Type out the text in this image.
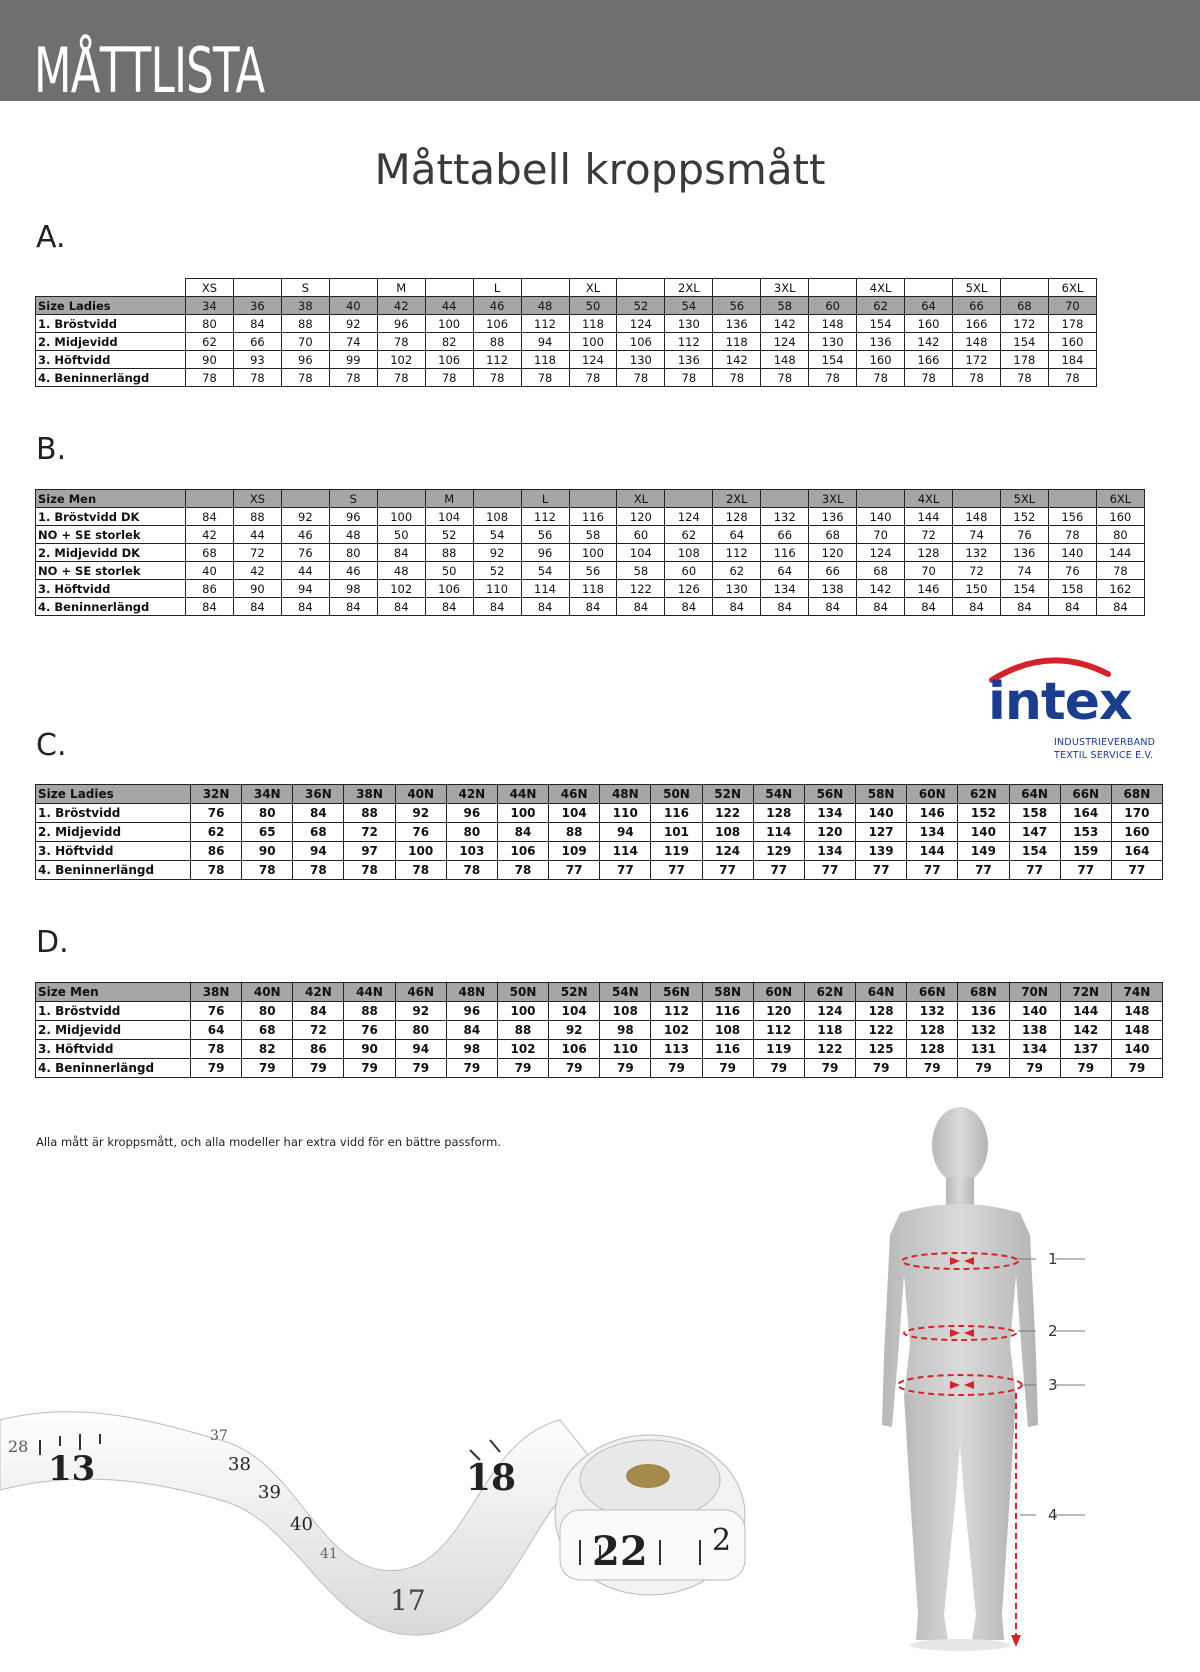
MÅTTLISTA
Måttabell kroppsmått
A.
	XS		S		M		L		XL		2XL		3XL		4XL		5XL		6XL
Size Ladies	34	36	38	40	42	44	46	48	50	52	54	56	58	60	62	64	66	68	70
1. Bröstvidd	80	84	88	92	96	100	106	112	118	124	130	136	142	148	154	160	166	172	178
2. Midjevidd	62	66	70	74	78	82	88	94	100	106	112	118	124	130	136	142	148	154	160
3. Höftvidd	90	93	96	99	102	106	112	118	124	130	136	142	148	154	160	166	172	178	184
4. Beninnerlängd	78	78	78	78	78	78	78	78	78	78	78	78	78	78	78	78	78	78	78
B.
Size Men		XS		S		M		L		XL		2XL		3XL		4XL		5XL		6XL
1. Bröstvidd DK	84	88	92	96	100	104	108	112	116	120	124	128	132	136	140	144	148	152	156	160
NO + SE storlek	42	44	46	48	50	52	54	56	58	60	62	64	66	68	70	72	74	76	78	80
2. Midjevidd DK	68	72	76	80	84	88	92	96	100	104	108	112	116	120	124	128	132	136	140	144
NO + SE storlek	40	42	44	46	48	50	52	54	56	58	60	62	64	66	68	70	72	74	76	78
3. Höftvidd	86	90	94	98	102	106	110	114	118	122	126	130	134	138	142	146	150	154	158	162
4. Beninnerlängd	84	84	84	84	84	84	84	84	84	84	84	84	84	84	84	84	84	84	84	84
intex
INDUSTRIEVERBAND
TEXTIL SERVICE E.V.
C.
Size Ladies	32N	34N	36N	38N	40N	42N	44N	46N	48N	50N	52N	54N	56N	58N	60N	62N	64N	66N	68N
1. Bröstvidd	76	80	84	88	92	96	100	104	110	116	122	128	134	140	146	152	158	164	170
2. Midjevidd	62	65	68	72	76	80	84	88	94	101	108	114	120	127	134	140	147	153	160
3. Höftvidd	86	90	94	97	100	103	106	109	114	119	124	129	134	139	144	149	154	159	164
4. Beninnerlängd	78	78	78	78	78	78	78	77	77	77	77	77	77	77	77	77	77	77	77
D.
Size Men	38N	40N	42N	44N	46N	48N	50N	52N	54N	56N	58N	60N	62N	64N	66N	68N	70N	72N	74N
1. Bröstvidd	76	80	84	88	92	96	100	104	108	112	116	120	124	128	132	136	140	144	148
2. Midjevidd	64	68	72	76	80	84	88	92	98	102	108	112	118	122	128	132	138	142	148
3. Höftvidd	78	82	86	90	94	98	102	106	110	113	116	119	122	125	128	131	134	137	140
4. Beninnerlängd	79	79	79	79	79	79	79	79	79	79	79	79	79	79	79	79	79	79	79
Alla mått är kroppsmått, och alla modeller har extra vidd för en bättre passform.
1
2
3
4
13
28
37
38
39
40
41
18
17
22 2
